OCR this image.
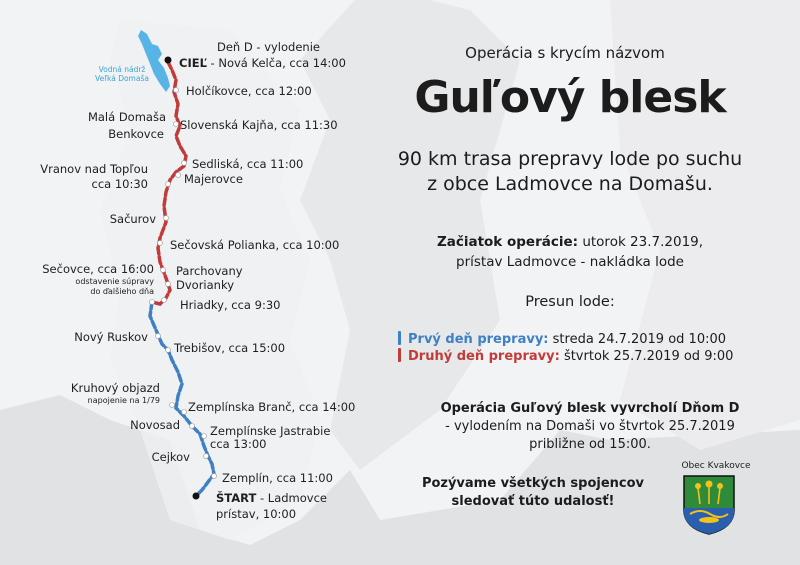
Vodná nádrž
Veľká Domaša
Deň D - vylodenie
CIEĽ - Nová Kelča, cca 14:00
Holčíkovce, cca 12:00
Malá Domaša
Benkovce
Slovenská Kajňa, cca 11:30
Sedliská, cca 11:00
Majerovce
Vranov nad Topľou
cca 10:30
Sačurov
Sečovská Polianka, cca 10:00
Sečovce, cca 16:00
odstavenie súpravy
do ďalšieho dňa
Parchovany
Dvorianky
Hriadky, cca 9:30
Nový Ruskov
Trebišov, cca 15:00
Kruhový objazd
napojenie na 1/79 Zemplínska Branč, cca 14:00
Novosad	Zemplínske Jastrabie
cca 13:00
Cejkov
Zemplín, cca 11:00
ŠTART - Ladmovce
prístav, 10:00
Operácia s krycím názvom
Guľový blesk
90 km trasa prepravy lode po suchu
z obce Ladmovce na Domašu.
Začiatok operácie: utorok 23.7.2019,
prístav Ladmovce - nakládka lode
Presun lode:
Prvý deň prepravy: streda 24.7.2019 od 10:00
Druhý deň prepravy: štvrtok 25.7.2019 od 9:00
Operácia Guľový blesk vyvrcholí Dňom D
- vylodením na Domaši vo štvrtok 25.7.2019
približne od 15:00.
Pozývame všetkých spojencov
sledovať túto udalosť!
Obec Kvakovce
